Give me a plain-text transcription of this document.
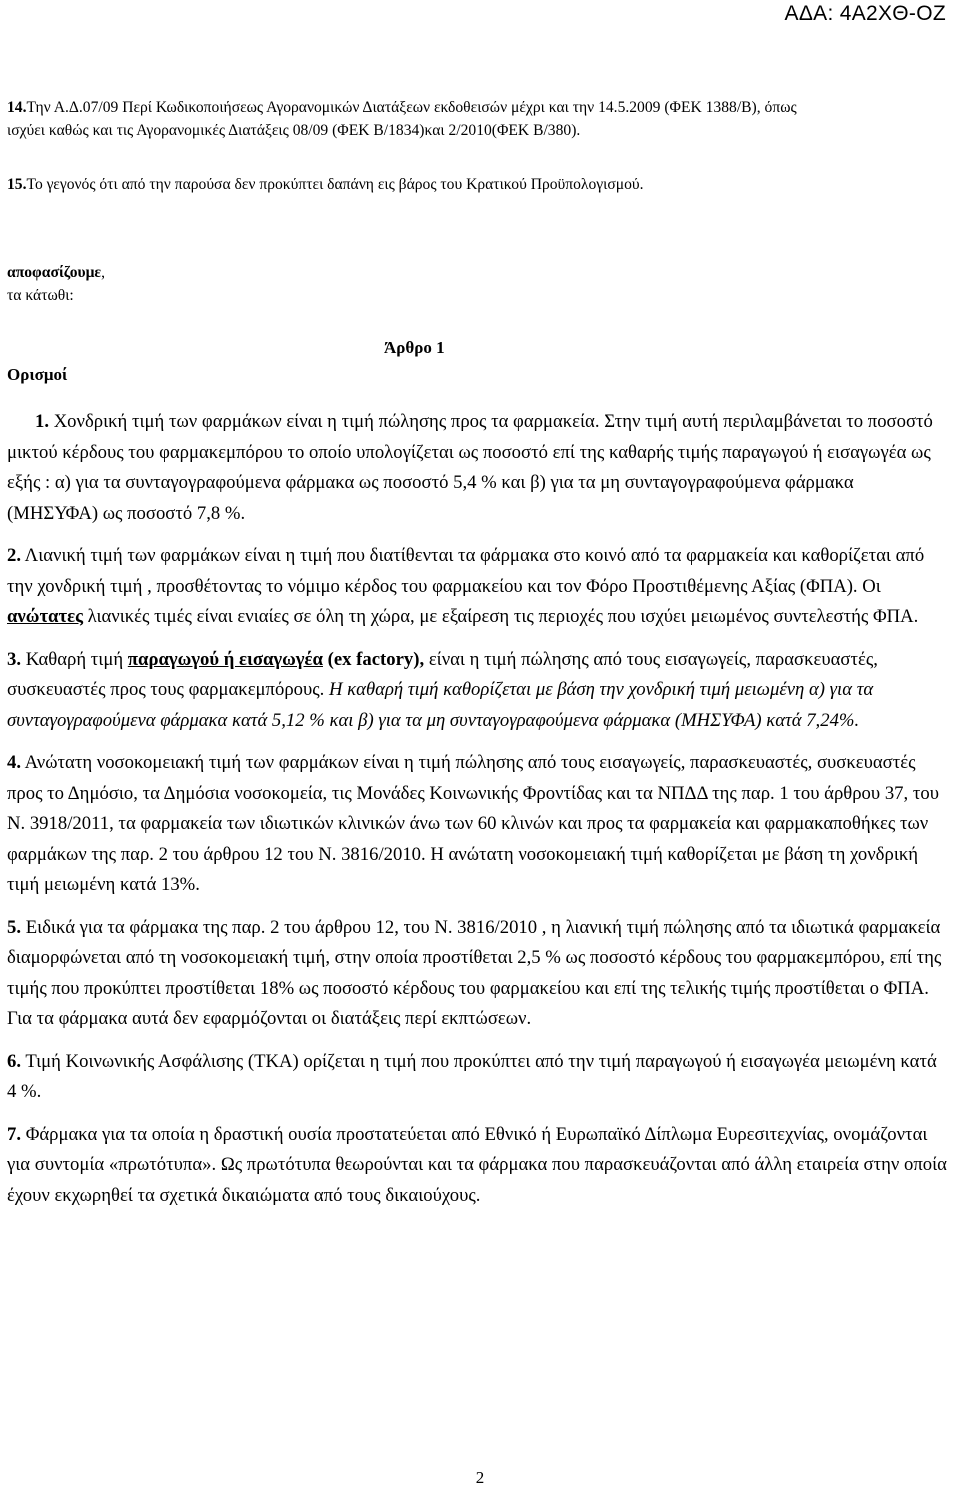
ΑΔΑ: 4Α2ΧΘ-ΟΖ

14.Την Α.Δ.07/09 Περί Κωδικοποιήσεως Αγορανομικών Διατάξεων εκδοθεισών μέχρι και την 14.5.2009 (ΦΕΚ 1388/Β), όπως ισχύει καθώς και τις Αγορανομικές Διατάξεις 08/09 (ΦΕΚ Β/1834)και 2/2010(ΦΕΚ Β/380).

15.Το γεγονός ότι από την παρούσα δεν προκύπτει δαπάνη εις βάρος του Κρατικού Προϋπολογισμού.

αποφασίζουμε,

τα κάτωθι:

Άρθρο 1
Ορισμοί

1. Χονδρική τιμή των φαρμάκων είναι η τιμή πώλησης προς τα φαρμακεία. Στην τιμή αυτή περιλαμβάνεται το ποσοστό μικτού κέρδους του φαρμακεμπόρου το οποίο υπολογίζεται ως ποσοστό επί της καθαρής τιμής παραγωγού ή εισαγωγέα ως εξής : α) για τα συνταγογραφούμενα φάρμακα ως ποσοστό 5,4 % και β) για τα μη συνταγογραφούμενα φάρμακα (ΜΗΣΥΦΑ) ως ποσοστό 7,8 %.

2. Λιανική τιμή των φαρμάκων είναι η τιμή που διατίθενται τα φάρμακα στο κοινό από τα φαρμακεία και καθορίζεται από την χονδρική τιμή , προσθέτοντας το νόμιμο κέρδος του φαρμακείου και τον Φόρο Προστιθέμενης Αξίας (ΦΠΑ). Οι ανώτατες λιανικές τιμές είναι ενιαίες σε όλη τη χώρα, με εξαίρεση τις περιοχές που ισχύει μειωμένος συντελεστής ΦΠΑ.

3. Καθαρή τιμή παραγωγού ή εισαγωγέα (ex factory), είναι η τιμή πώλησης από τους εισαγωγείς, παρασκευαστές, συσκευαστές προς τους φαρμακεμπόρους. Η καθαρή τιμή καθορίζεται με βάση την χονδρική τιμή μειωμένη α) για τα συνταγογραφούμενα φάρμακα κατά 5,12 % και β) για τα μη συνταγογραφούμενα φάρμακα (ΜΗΣΥΦΑ) κατά 7,24%.

4. Ανώτατη νοσοκομειακή τιμή των φαρμάκων είναι η τιμή πώλησης από τους εισαγωγείς, παρασκευαστές, συσκευαστές προς το Δημόσιο, τα Δημόσια νοσοκομεία, τις Μονάδες Κοινωνικής Φροντίδας και τα ΝΠΔΔ της παρ. 1 του άρθρου 37, του Ν. 3918/2011, τα φαρμακεία των ιδιωτικών κλινικών άνω των 60 κλινών και προς τα φαρμακεία και φαρμακαποθήκες των φαρμάκων της παρ. 2 του άρθρου 12 του Ν. 3816/2010. Η ανώτατη νοσοκομειακή τιμή καθορίζεται με βάση τη χονδρική τιμή μειωμένη κατά 13%.

5. Ειδικά για τα φάρμακα της παρ. 2 του άρθρου 12, του Ν. 3816/2010 , η λιανική τιμή πώλησης από τα ιδιωτικά φαρμακεία διαμορφώνεται από τη νοσοκομειακή τιμή, στην οποία προστίθεται 2,5 % ως ποσοστό κέρδους του φαρμακεμπόρου, επί της τιμής που προκύπτει προστίθεται 18% ως ποσοστό κέρδους του φαρμακείου και επί της τελικής τιμής προστίθεται ο ΦΠΑ. Για τα φάρμακα αυτά δεν εφαρμόζονται οι διατάξεις περί εκπτώσεων.

6. Τιμή Κοινωνικής Ασφάλισης (ΤΚΑ) ορίζεται η τιμή που προκύπτει από την τιμή παραγωγού ή εισαγωγέα μειωμένη κατά 4 %.

7. Φάρμακα για τα οποία η δραστική ουσία προστατεύεται από Εθνικό ή Ευρωπαϊκό Δίπλωμα Ευρεσιτεχνίας, ονομάζονται για συντομία «πρωτότυπα». Ως πρωτότυπα θεωρούνται και τα φάρμακα που παρασκευάζονται από άλλη εταιρεία στην οποία έχουν εκχωρηθεί τα σχετικά δικαιώματα από τους δικαιούχους.

2
